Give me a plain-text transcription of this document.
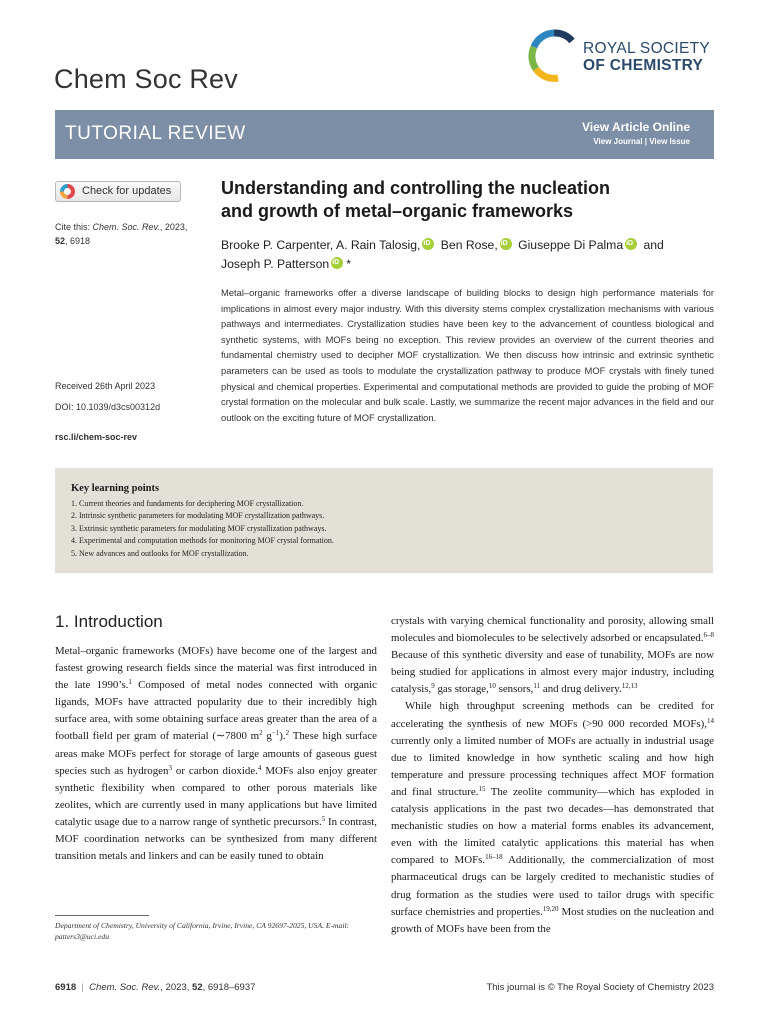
Chem Soc Rev
ROYAL SOCIETY
OF CHEMISTRY
TUTORIAL REVIEW	View Article Online
View Journal | View Issue
Check for updates
Cite this: Chem. Soc. Rev., 2023,
52, 6918
Received 26th April 2023
DOI: 10.1039/d3cs00312d
rsc.li/chem-soc-rev
Understanding and controlling the nucleation
and growth of metal–organic frameworks
Brooke P. Carpenter, A. Rain Talosig, iD Ben Rose, iD Giuseppe Di Palma iD and
Joseph P. Patterson iD *
Metal–organic frameworks offer a diverse landscape of building blocks to design high performance materials for implications in almost every major industry. With this diversity stems complex crystallization mechanisms with various pathways and intermediates. Crystallization studies have been key to the advancement of countless biological and synthetic systems, with MOFs being no exception. This review provides an overview of the current theories and fundamental chemistry used to decipher MOF crystallization. We then discuss how intrinsic and extrinsic synthetic parameters can be used as tools to modulate the crystallization pathway to produce MOF crystals with finely tuned physical and chemical properties. Experimental and computational methods are provided to guide the probing of MOF crystal formation on the molecular and bulk scale. Lastly, we summarize the recent major advances in the field and our outlook on the exciting future of MOF crystallization.
Key learning points
1. Current theories and fundaments for deciphering MOF crystallization.
2. Intrinsic synthetic parameters for modulating MOF crystallization pathways.
3. Extrinsic synthetic parameters for modulating MOF crystallization pathways.
4. Experimental and computation methods for monitoring MOF crystal formation.
5. New advances and outlooks for MOF crystallization.
1. Introduction

Metal–organic frameworks (MOFs) have become one of the largest and fastest growing research fields since the material was first introduced in the late 1990’s.$^1$ Composed of metal nodes connected with organic ligands, MOFs have attracted popularity due to their incredibly high surface area, with some obtaining surface areas greater than the area of a football field per gram of material (∼7800 $m^2$ $g^{-1}).^2$ These high surface areas make MOFs perfect for storage of large amounts of gaseous guest species such as hydrogen$^3$ or carbon dioxide.$^4$ MOFs also enjoy greater synthetic flexibility when compared to other porous materials like zeolites, which are currently used in many applications but have limited catalytic usage due to a narrow range of synthetic precursors.$^5$ In contrast, MOF coordination networks can be synthesized from many different transition metals and linkers and can be easily tuned to obtain

crystals with varying chemical functionality and porosity, allowing small molecules and biomolecules to be selectively adsorbed or encapsulated.$^{6-8}$ Because of this synthetic diversity and ease of tunability, MOFs are now being studied for applications in almost every major industry, including catalysis,$^9$ gas storage,$^{10}$ sensors,$^{11}$ and drug delivery.$^{12,13}$

While high throughput screening methods can be credited for accelerating the synthesis of new MOFs (>90 000 recorded MOFs),$^{14}$ currently only a limited number of MOFs are actually in industrial usage due to limited knowledge in how synthetic scaling and how high temperature and pressure processing techniques affect MOF formation and final structure.$^{15}$ The zeolite community—which has exploded in catalysis applications in the past two decades—has demonstrated that mechanistic studies on how a material forms enables its advancement, even with the limited catalytic applications this material has when compared to MOFs.$^{16-18}$ Additionally, the commercialization of most pharmaceutical drugs can be largely credited to mechanistic studies of drug formation as the studies were used to tailor drugs with specific surface chemistries and properties.$^{19,20}$ Most studies on the nucleation and growth of MOFs have been from the

Department of Chemistry, University of California, Irvine, Irvine, CA 92697-2025, USA. E-mail: patters3@uci.edu
6918  |  Chem. Soc. Rev., 2023, 52, 6918–6937	This journal is © The Royal Society of Chemistry 2023
